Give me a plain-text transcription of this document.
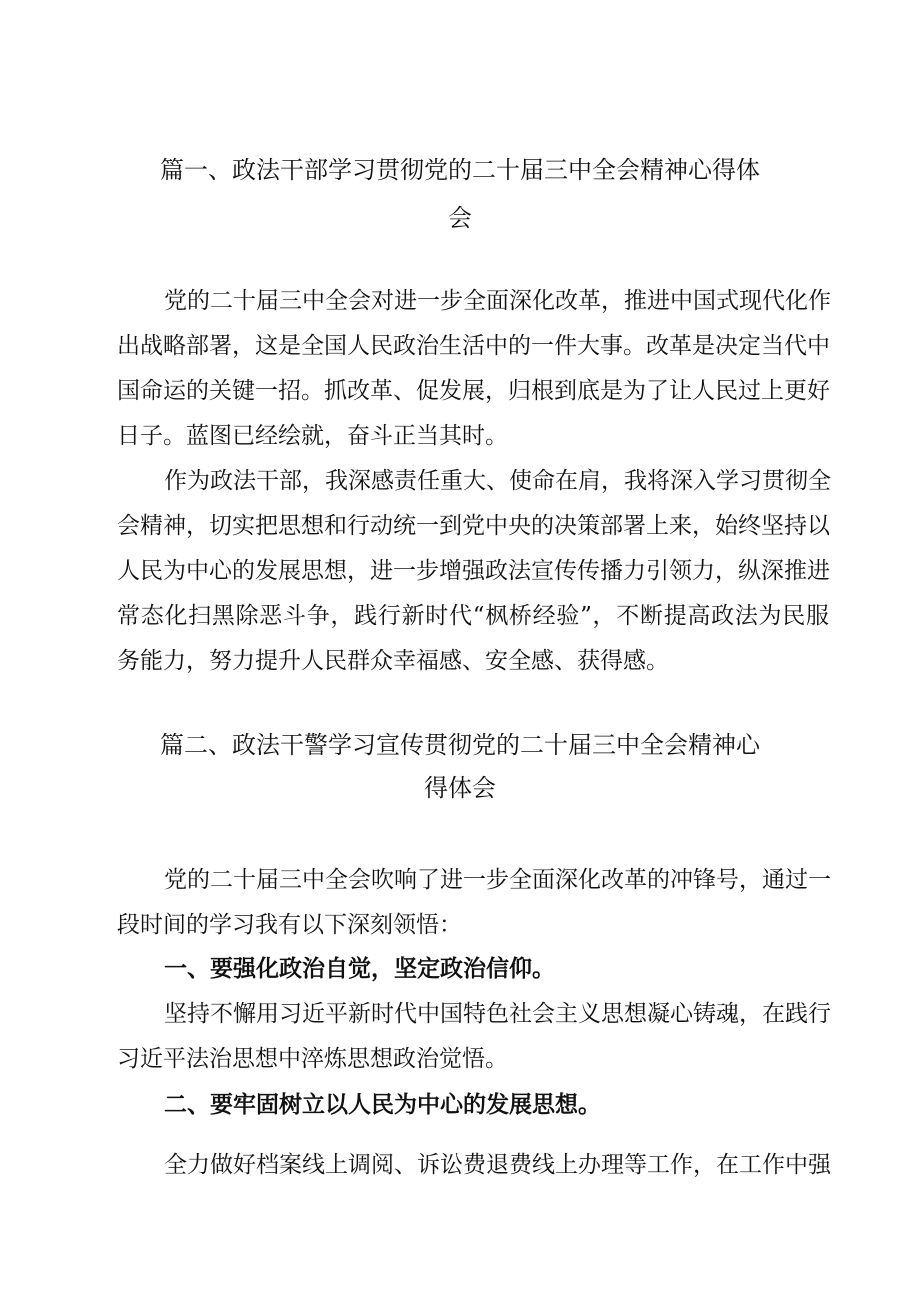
篇一、政法干部学习贯彻党的二十届三中全会精神心得体
会
党的二十届三中全会对进一步全面深化改革，推进中国式现代化作
出战略部署，这是全国人民政治生活中的一件大事。改革是决定当代中
国命运的关键一招。抓改革、促发展，归根到底是为了让人民过上更好
日子。蓝图已经绘就，奋斗正当其时。
作为政法干部，我深感责任重大、使命在肩，我将深入学习贯彻全
会精神，切实把思想和行动统一到党中央的决策部署上来，始终坚持以
人民为中心的发展思想，进一步增强政法宣传传播力引领力，纵深推进
常态化扫黑除恶斗争，践行新时代“枫桥经验”，不断提高政法为民服
务能力，努力提升人民群众幸福感、安全感、获得感。
篇二、政法干警学习宣传贯彻党的二十届三中全会精神心
得体会
党的二十届三中全会吹响了进一步全面深化改革的冲锋号，通过一
段时间的学习我有以下深刻领悟：
一、要强化政治自觉，坚定政治信仰。
坚持不懈用习近平新时代中国特色社会主义思想凝心铸魂，在践行
习近平法治思想中淬炼思想政治觉悟。
二、要牢固树立以人民为中心的发展思想。
全力做好档案线上调阅、诉讼费退费线上办理等工作，在工作中强
